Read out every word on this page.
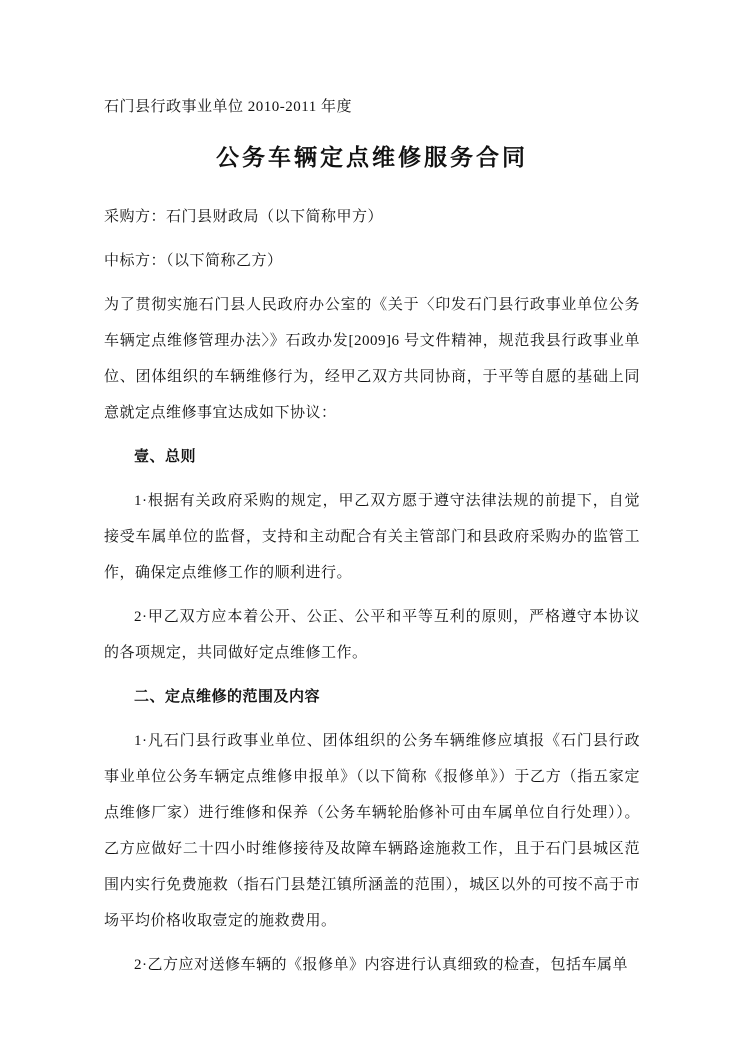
石门县行政事业单位 2010-2011 年度
公务车辆定点维修服务合同
采购方：石门县财政局（以下简称甲方）
中标方：（以下简称乙方）
为了贯彻实施石门县人民政府办公室的《关于〈印发石门县行政事业单位公务车辆定点维修管理办法〉》石政办发[2009]6 号文件精神，规范我县行政事业单位、团体组织的车辆维修行为，经甲乙双方共同协商，于平等自愿的基础上同意就定点维修事宜达成如下协议：
壹、总则
1·根据有关政府采购的规定，甲乙双方愿于遵守法律法规的前提下，自觉接受车属单位的监督，支持和主动配合有关主管部门和县政府采购办的监管工作，确保定点维修工作的顺利进行。
2·甲乙双方应本着公开、公正、公平和平等互利的原则，严格遵守本协议的各项规定，共同做好定点维修工作。
二、定点维修的范围及内容
1·凡石门县行政事业单位、团体组织的公务车辆维修应填报《石门县行政事业单位公务车辆定点维修申报单》（以下简称《报修单》）于乙方（指五家定点维修厂家）进行维修和保养（公务车辆轮胎修补可由车属单位自行处理））。乙方应做好二十四小时维修接待及故障车辆路途施救工作，且于石门县城区范围内实行免费施救（指石门县楚江镇所涵盖的范围），城区以外的可按不高于市场平均价格收取壹定的施救费用。
2·乙方应对送修车辆的《报修单》内容进行认真细致的检查，包括车属单
